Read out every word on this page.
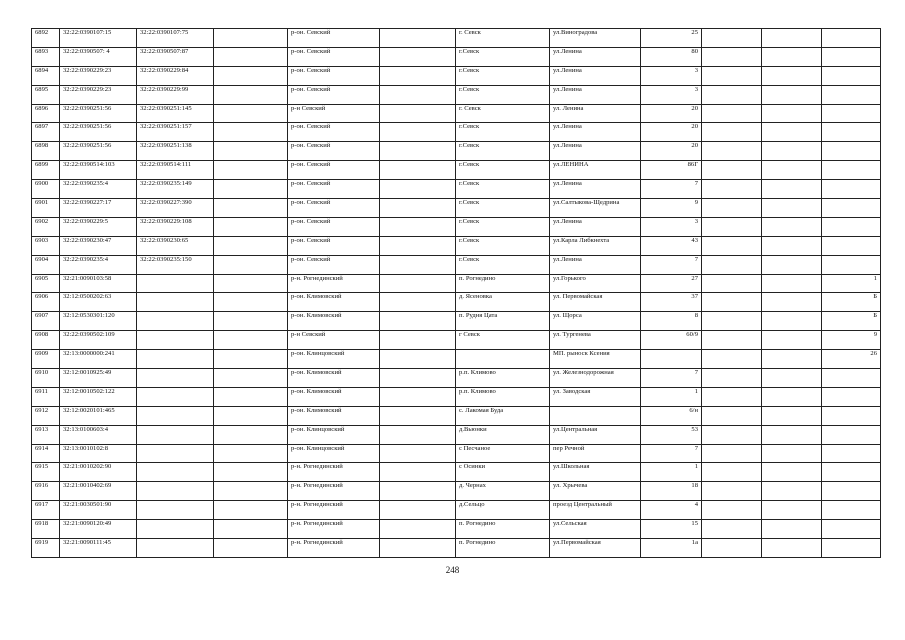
6892	32:22:0390107:15	32:22:0390107:75		р-он. Севский		г. Севск	ул.Виноградова	25			
6893	32:22:0390507: 4	32:22:0390507:87		р-он. Севский		г.Севск	ул.Ленина	80			
6894	32:22:0390229:23	32:22:0390229:84		р-он. Севский		г.Севск	ул.Ленина	3			
6895	32:22:0390229:23	32:22:0390229:99		р-он. Севский		г.Севск	ул.Ленина	3			
6896	32:22:0390251:56	32:22:0390251:145		р-н Севский		г. Севск	ул. Ленина	20			
6897	32:22:0390251:56	32:22:0390251:157		р-он. Севский		г.Севск	ул.Ленина	20			
6898	32:22:0390251:56	32:22:0390251:138		р-он. Севский		г.Севск	ул.Ленина	20			
6899	32:22:0390514:103	32:22:0390514:111		р-он. Севский		г.Севск	ул.ЛЕНИНА	86Г			
6900	32:22:0390235:4	32:22:0390235:149		р-он. Севский		г.Севск	ул.Ленина	7			
6901	32:22:0390227:17	32:22:0390227:390		р-он. Севский		г.Севск	ул.Салтыкова-Щедрина	9			
6902	32:22:0390229:5	32:22:0390229:108		р-он. Севский		г.Севск	ул.Ленина	3			
6903	32:22:0390230:47	32:22:0390230:65		р-он. Севский		г.Севск	ул.Карла Либкнехта	43			
6904	32:22:0390235:4	32:22:0390235:150		р-он. Севский		г.Севск	ул.Ленина	7			
6905	32:21:0090103:58			р-н. Рогнединский		п. Рогнедино	ул.Горького	27			1
6906	32:12:0500202:63			р-он. Климовский		д. Ясеновка	ул. Первомайская	37			Б
6907	32:12:0530301:120			р-он. Климовский		п. Рудня Цата	ул. Щорса	8			Б
6908	32:22:0390502:109			р-н Севский		г Севск	ул. Тургенева	60/9			9
6909	32:13:0000000:241			р-он. Клинцовский			МП. рыноск Ксения				26
6910	32:12:0010925:49			р-он. Климовский		р.п. Климово	ул. Железнодорожная	7			
6911	32:12:0010502:122			р-он. Климовский		р.п. Климово	ул. Заводская	1			
6912	32:12:0020101:465			р-он. Климовский		с. Лакомая Буда		6/н			
6913	32:13:0100603:4			р-он. Клинцовский		д.Вьюнки	ул.Центральная	53			
6914	32:13:0010102:8			р-он. Клинцовский		с Песчаное	пер Речной	7			
6915	32:21:0010202:90			р-н. Рогнединский		с Осинки	ул.Школьная	1			
6916	32:21:0010402:69			р-н. Рогнединский		д. Чернах	ул. Хрычева	18			
6917	32:21:0030501:90			р-н. Рогнединский		д.Сельцо	проезд Центральный	4			
6918	32:21:0090120:49			р-н. Рогнединский		п. Рогнедино	ул.Сельская	15			
6919	32:21:0090111:45			р-н. Рогнединский		п. Рогнедино	ул.Первомайская	1а			
248
